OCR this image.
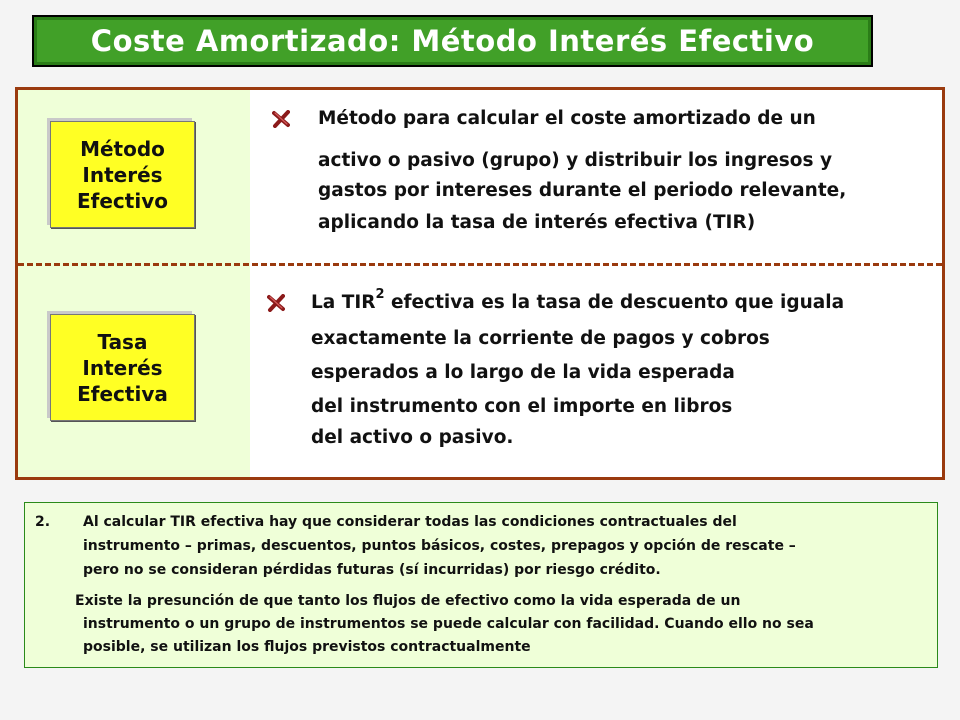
Coste Amortizado: Método Interés Efectivo
Método
Interés
Efectivo
Método para calcular el coste amortizado de un
activo o pasivo (grupo) y distribuir los ingresos y
gastos por intereses durante el periodo relevante,
aplicando la tasa de interés efectiva (TIR)
Tasa
Interés
Efectiva
La TIR$^2$ efectiva es la tasa de descuento que iguala
exactamente la corriente de pagos y cobros
esperados a lo largo de la vida esperada
del instrumento con el importe en libros
del activo o pasivo.
2. Al calcular TIR efectiva hay que considerar todas las condiciones contractuales del
instrumento – primas, descuentos, puntos básicos, costes, prepagos y opción de rescate –
pero no se consideran pérdidas futuras (sí incurridas) por riesgo crédito.
Existe la presunción de que tanto los flujos de efectivo como la vida esperada de un
instrumento o un grupo de instrumentos se puede calcular con facilidad. Cuando ello no sea
posible, se utilizan los flujos previstos contractualmente
